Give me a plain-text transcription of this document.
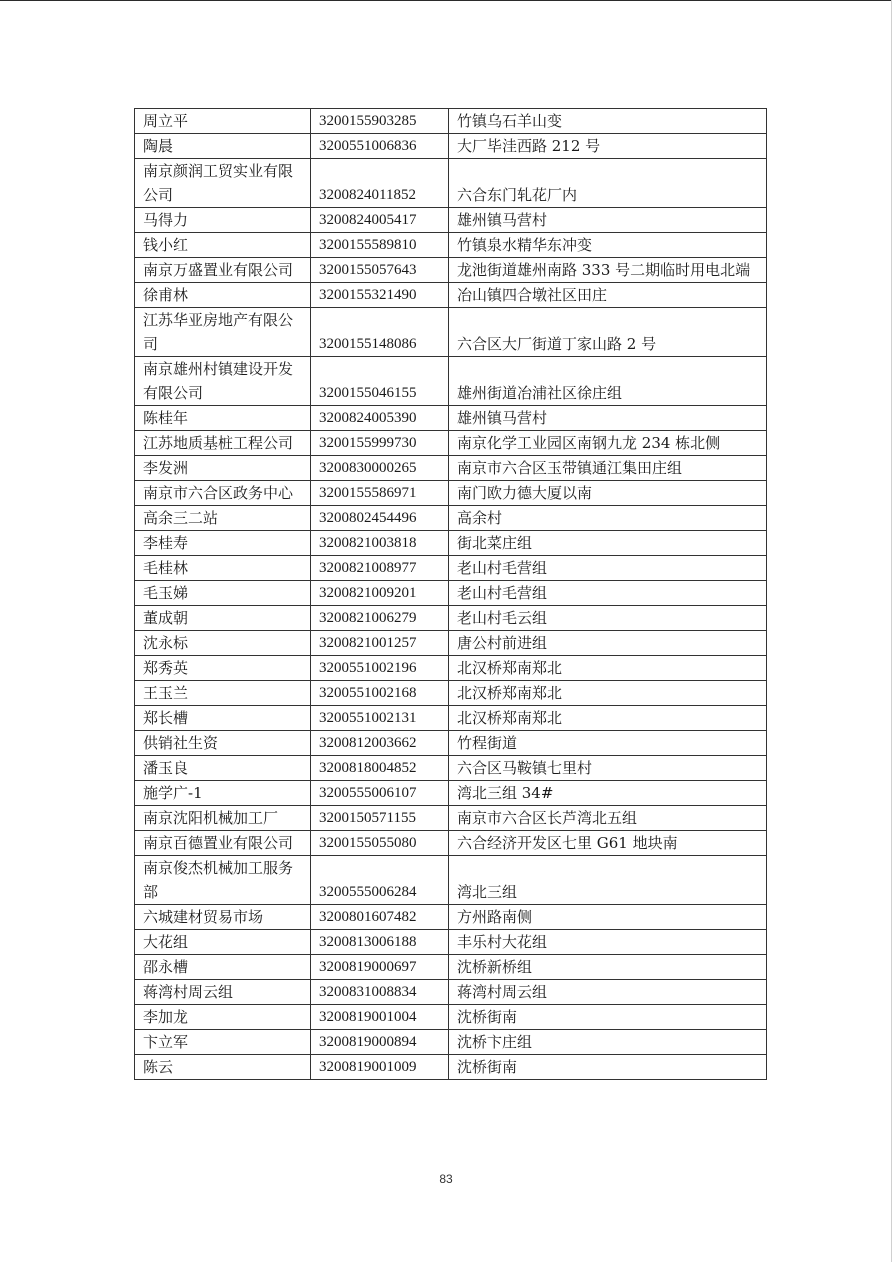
周立平	3200155903285	竹镇乌石羊山变
陶晨	3200551006836	大厂毕洼西路 212 号
南京颜润工贸实业有限公司	3200824011852	六合东门轧花厂内
马得力	3200824005417	雄州镇马营村
钱小红	3200155589810	竹镇泉水精华东冲变
南京万盛置业有限公司	3200155057643	龙池街道雄州南路 333 号二期临时用电北端
徐甫林	3200155321490	冶山镇四合墩社区田庄
江苏华亚房地产有限公司	3200155148086	六合区大厂街道丁家山路 2 号
南京雄州村镇建设开发有限公司	3200155046155	雄州街道冶浦社区徐庄组
陈桂年	3200824005390	雄州镇马营村
江苏地质基桩工程公司	3200155999730	南京化学工业园区南钢九龙 234 栋北侧
李发洲	3200830000265	南京市六合区玉带镇通江集田庄组
南京市六合区政务中心	3200155586971	南门欧力德大厦以南
高余三二站	3200802454496	高余村
李桂寿	3200821003818	街北菜庄组
毛桂林	3200821008977	老山村毛营组
毛玉娣	3200821009201	老山村毛营组
董成朝	3200821006279	老山村毛云组
沈永标	3200821001257	唐公村前进组
郑秀英	3200551002196	北汉桥郑南郑北
王玉兰	3200551002168	北汉桥郑南郑北
郑长槽	3200551002131	北汉桥郑南郑北
供销社生资	3200812003662	竹程街道
潘玉良	3200818004852	六合区马鞍镇七里村
施学广-1	3200555006107	湾北三组 34#
南京沈阳机械加工厂	3200150571155	南京市六合区长芦湾北五组
南京百德置业有限公司	3200155055080	六合经济开发区七里 G61 地块南
南京俊杰机械加工服务部	3200555006284	湾北三组
六城建材贸易市场	3200801607482	方州路南侧
大花组	3200813006188	丰乐村大花组
邵永槽	3200819000697	沈桥新桥组
蒋湾村周云组	3200831008834	蒋湾村周云组
李加龙	3200819001004	沈桥街南
卞立军	3200819000894	沈桥卞庄组
陈云	3200819001009	沈桥街南
83
